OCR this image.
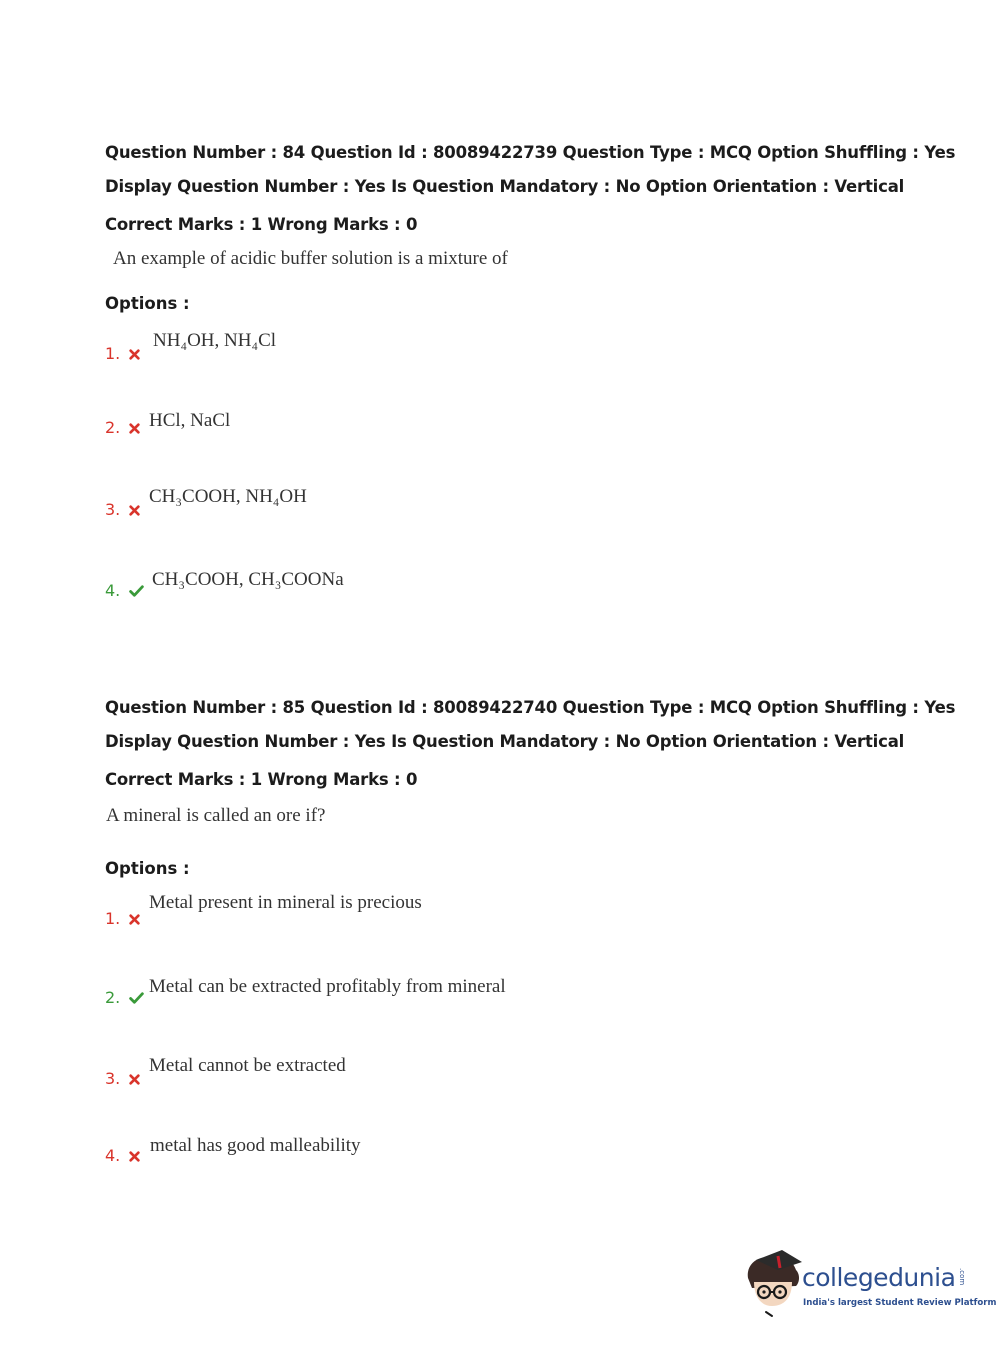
Question Number : 84 Question Id : 80089422739 Question Type : MCQ Option Shuffling : Yes
Display Question Number : Yes Is Question Mandatory : No Option Orientation : Vertical
Correct Marks : 1 Wrong Marks : 0
An example of acidic buffer solution is a mixture of
Options :
1.
NH₄OH, NH₄Cl
2.	HCl, NaCl
3.
CH₃COOH, NH₄OH
4.
CH₃COOH, CH₃COONa
Question Number : 85 Question Id : 80089422740 Question Type : MCQ Option Shuffling : Yes
Display Question Number : Yes Is Question Mandatory : No Option Orientation : Vertical
Correct Marks : 1 Wrong Marks : 0
A mineral is called an ore if?
Options :
1.
Metal present in mineral is precious
2.
Metal can be extracted profitably from mineral
3.
Metal cannot be extracted
4.	metal has good malleability
collegedunia .com
India's largest Student Review Platform
